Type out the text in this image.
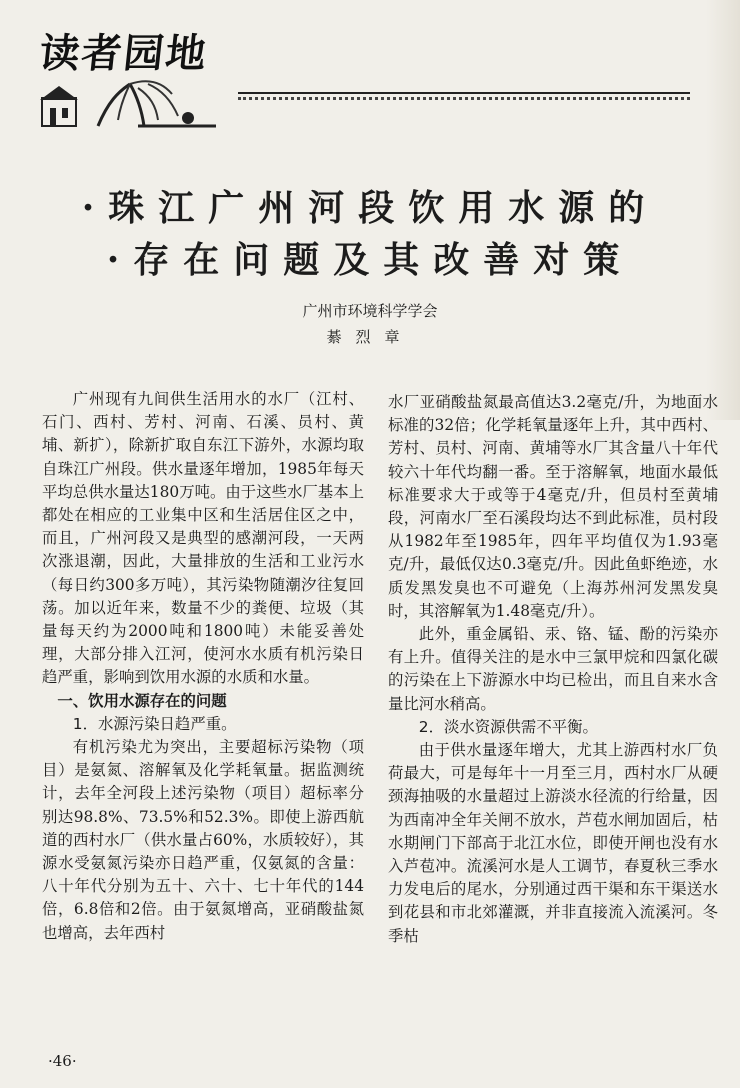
读者园地
·珠江广州河段饮用水源的
·存在问题及其改善对策
广州市环境科学学会
綦烈章

广州现有九间供生活用水的水厂（江村、石门、西村、芳村、河南、石溪、员村、黄埔、新扩），除新扩取自东江下游外，水源均取自珠江广州段。供水量逐年增加，1985年每天平均总供水量达180万吨。由于这些水厂基本上都处在相应的工业集中区和生活居住区之中，而且，广州河段又是典型的感潮河段，一天两次涨退潮，因此，大量排放的生活和工业污水（每日约300多万吨），其污染物随潮汐往复回荡。加以近年来，数量不少的粪便、垃圾（其量每天约为2000吨和1800吨）未能妥善处理，大部分排入江河，使河水水质有机污染日趋严重，影响到饮用水源的水质和水量。

一、饮用水源存在的问题
1．水源污染日趋严重。

有机污染尤为突出，主要超标污染物（项目）是氨氮、溶解氧及化学耗氧量。据监测统计，去年全河段上述污染物（项目）超标率分别达98.8%、73.5%和52.3%。即使上游西航道的西村水厂（供水量占60%，水质较好），其源水受氨氮污染亦日趋严重，仅氨氮的含量：八十年代分别为五十、六十、七十年代的144倍，6.8倍和2倍。由于氨氮增高，亚硝酸盐氮也增高，去年西村

水厂亚硝酸盐氮最高值达3.2毫克/升，为地面水标准的32倍；化学耗氧量逐年上升，其中西村、芳村、员村、河南、黄埔等水厂其含量八十年代较六十年代均翻一番。至于溶解氧，地面水最低标准要求大于或等于4毫克/升，但员村至黄埔段，河南水厂至石溪段均达不到此标准，员村段从1982年至1985年，四年平均值仅为1.93毫克/升，最低仅达0.3毫克/升。因此鱼虾绝迹，水质发黑发臭也不可避免（上海苏州河发黑发臭时，其溶解氧为1.48毫克/升）。

此外，重金属铅、汞、铬、锰、酚的污染亦有上升。值得关注的是水中三氯甲烷和四氯化碳的污染在上下游源水中均已检出，而且自来水含量比河水稍高。

2．淡水资源供需不平衡。

由于供水量逐年增大，尤其上游西村水厂负荷最大，可是每年十一月至三月，西村水厂从硬颈海抽吸的水量超过上游淡水径流的行给量，因为西南冲全年关闸不放水，芦苞水闸加固后，枯水期闸门下部高于北江水位，即使开闸也没有水入芦苞冲。流溪河水是人工调节，春夏秋三季水力发电后的尾水，分别通过西干渠和东干渠送水到花县和市北郊灌溉，并非直接流入流溪河。冬季枯

·46·
